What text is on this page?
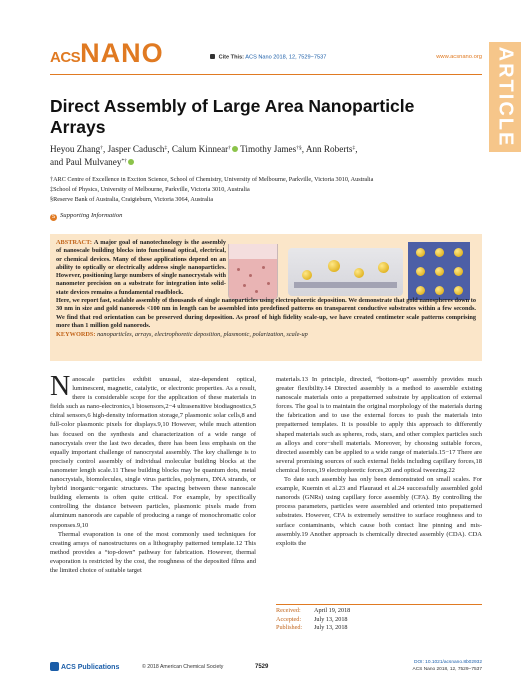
ACSNANO	Cite This: ACS Nano 2018, 12, 7529−7537	www.acsnano.org ARTICLE
Direct Assembly of Large Area Nanoparticle Arrays
Heyou Zhang†, Jasper Cadusch‡, Calum Kinnear† Timothy James†§, Ann Roberts‡,
and Paul Mulvaney*†
†ARC Centre of Excellence in Exciton Science, School of Chemistry, University of Melbourne, Parkville, Victoria 3010, Australia
‡School of Physics, University of Melbourne, Parkville, Victoria 3010, Australia
§Reserve Bank of Australia, Craigieburn, Victoria 3064, Australia
S Supporting Information
ABSTRACT: A major goal of nanotechnology is the assembly of nanoscale building blocks into functional optical, electrical, or chemical devices. Many of these applications depend on an ability to optically or electrically address single nanoparticles. However, positioning large numbers of single nanocrystals with nanometer precision on a substrate for integration into solid-state devices remains a fundamental roadblock.
Here, we report fast, scalable assembly of thousands of single nanoparticles using electrophoretic deposition. We demonstrate that gold nanospheres down to 30 nm in size and gold nanorods <100 nm in length can be assembled into predefined patterns on transparent conductive substrates within a few seconds. We find that rod orientation can be preserved during deposition. As proof of high fidelity scale-up, we have created centimeter scale patterns comprising more than 1 million gold nanorods.
KEYWORDS: nanoparticles, arrays, electrophoretic deposition, plasmonic, polarization, scale-up

Nanoscale particles exhibit unusual, size-dependent optical, luminescent, magnetic, catalytic, or electronic properties. As a result, there is considerable scope for the application of these materials in fields such as nano-electronics,1 biosensors,2−4 ultrasensitive biodiagnostics,5 chiral sensors,6 high-density information storage,7 plasmonic solar cells,8 and full-color plasmonic pixels for displays.9,10 However, while much attention has focused on the synthesis and characterization of a wide range of nanocrystals over the last two decades, there has been less emphasis on the equally important challenge of nanocrystal assembly. The key challenge is to precisely control assembly of individual molecular building blocks at the nanometer length scale.11 These building blocks may be quantum dots, metal nanocrystals, biomolecules, single virus particles, polymers, DNA strands, or hybrid inorganic−organic structures. The spacing between these nanoscale building elements is often quite critical. For example, by specifically controlling the distance between particles, plasmonic pixels made from aluminum nanorods are capable of producing a range of monochromatic color responses.9,10

Thermal evaporation is one of the most commonly used techniques for creating arrays of nanostructures on a lithography patterned template.12 This method provides a “top-down” pathway for fabrication. However, thermal evaporation is restricted by the cost, the roughness of the deposited films and the limited choice of suitable target

materials.13 In principle, directed, “bottom-up” assembly provides much greater flexibility.14 Directed assembly is a method to assemble existing nanoscale materials onto a prepatterned substrate by application of external forces. The goal is to maintain the original morphology of the materials during the fabrication and to use the external forces to push the materials into prepatterned templates. It is possible to apply this approach to differently shaped materials such as spheres, rods, stars, and other complex particles such as alloys and core−shell materials. Moreover, by choosing suitable forces, directed assembly can be applied to a wide range of materials.15−17 There are several promising sources of such external fields including capillary forces,18 chemical forces,19 electrophoretic forces,20 and optical tweezing.22

To date such assembly has only been demonstrated on small scales. For example, Kuemin et al.23 and Flauraud et al.24 successfully assembled gold nanorods (GNRs) using capillary force assembly (CFA). By controlling the process parameters, particles were assembled and oriented into prepatterned substrates. However, CFA is extremely sensitive to surface roughness and to surface contaminants, which cause both contact line pinning and mis-assembly.19 Another approach is chemically directed assembly (CDA). CDA exploits the

Received: April 19, 2018
Accepted: July 13, 2018
Published: July 13, 2018
ACS Publications	© 2018 American Chemical Society	7529
DOI: 10.1021/acsnano.8b02932
ACS Nano 2018, 12, 7529−7537
